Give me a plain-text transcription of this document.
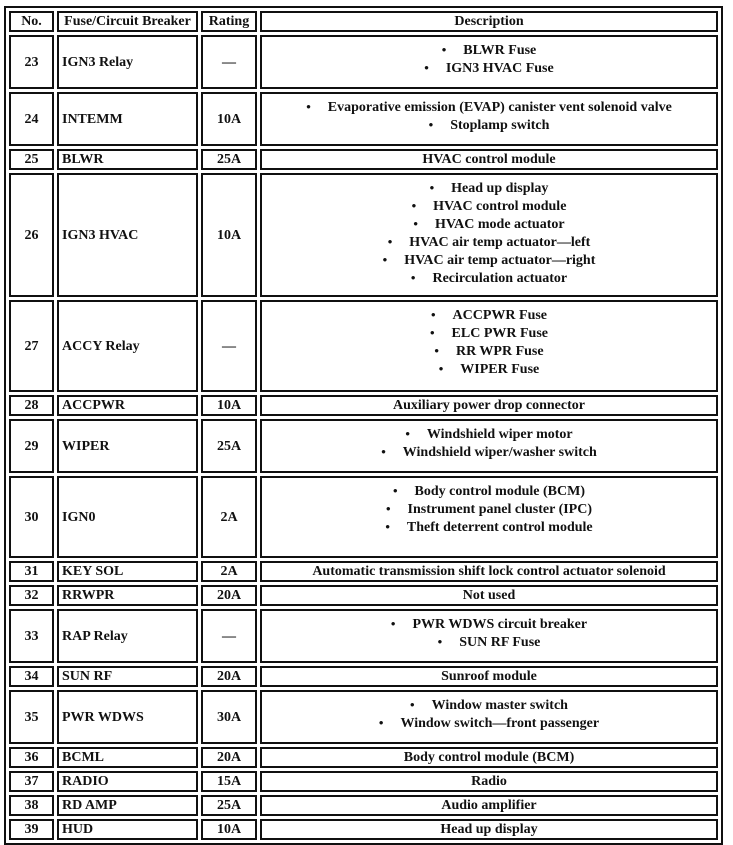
No.	Fuse/Circuit Breaker	Rating	Description
23	IGN3 Relay	—	• BLWR Fuse
• IGN3 HVAC Fuse

24	INTEMM	10A	• Evaporative emission (EVAP) canister vent solenoid valve
• Stoplamp switch

25	BLWR	25A	HVAC control module
26	IGN3 HVAC	10A	
• Head up display
• HVAC control module
• HVAC mode actuator
• HVAC air temp actuator—left
• HVAC air temp actuator—right
• Recirculation actuator

27	ACCY Relay	—	
• ACCPWR Fuse
• ELC PWR Fuse
• RR WPR Fuse
• WIPER Fuse

28	ACCPWR	10A	Auxiliary power drop connector
29	WIPER	25A	• Windshield wiper motor
• Windshield wiper/washer switch

30	IGN0	2A	
• Body control module (BCM)
• Instrument panel cluster (IPC)
• Theft deterrent control module

31	KEY SOL	2A	Automatic transmission shift lock control actuator solenoid
32	RRWPR	20A	Not used
33	RAP Relay	—	• PWR WDWS circuit breaker
• SUN RF Fuse

34	SUN RF	20A	Sunroof module
35	PWR WDWS	30A	• Window master switch
• Window switch—front passenger

36	BCML	20A	Body control module (BCM)
37	RADIO	15A	Radio
38	RD AMP	25A	Audio amplifier
39	HUD	10A	Head up display
